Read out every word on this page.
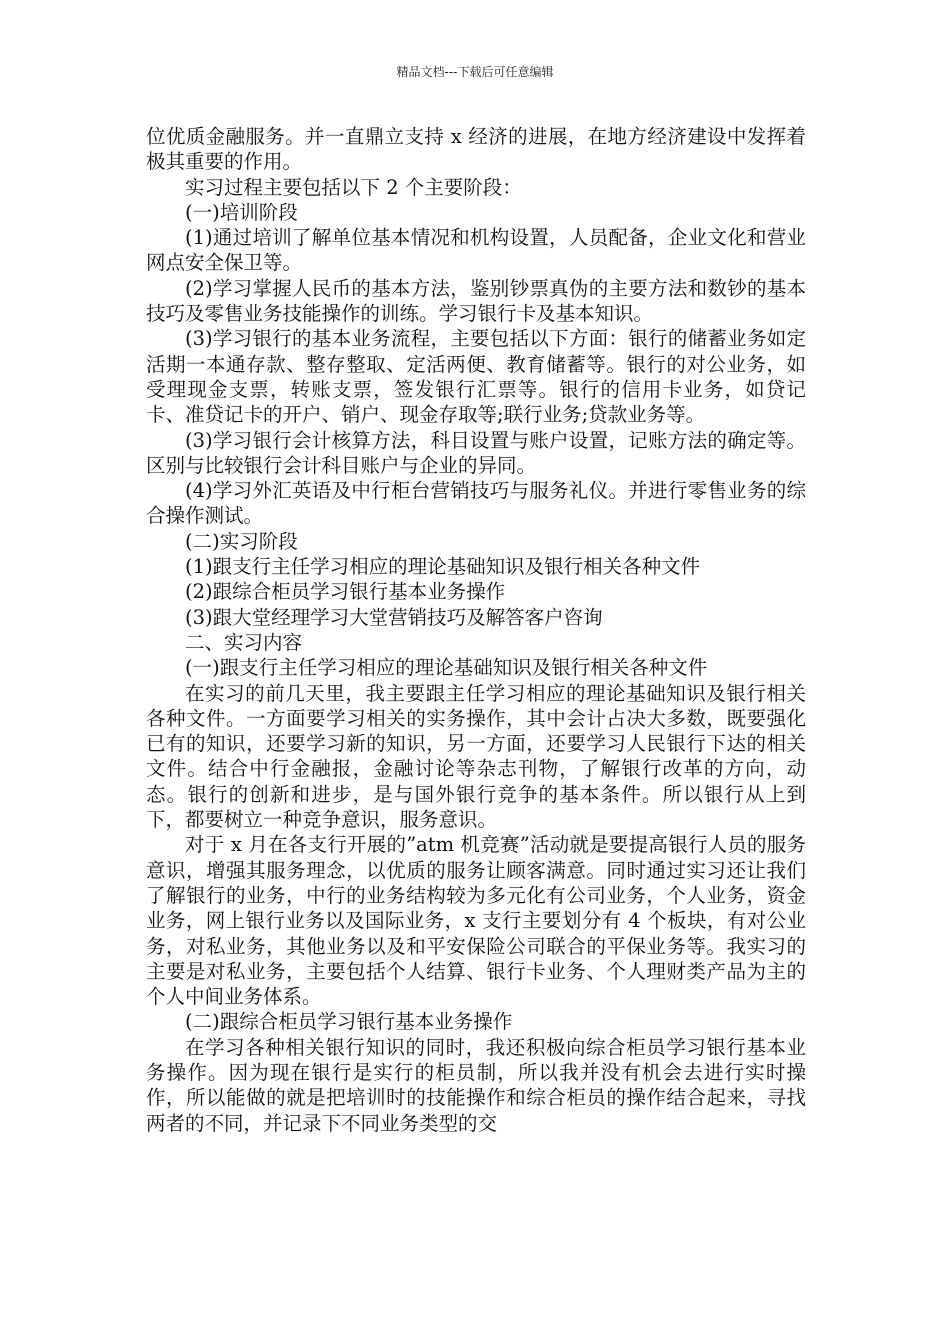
精品文档---下载后可任意编辑

位优质金融服务。并一直鼎立支持 x 经济的进展，在地方经济建设中发挥着极其重要的作用。

实习过程主要包括以下 2 个主要阶段：

(一)培训阶段

(1)通过培训了解单位基本情况和机构设置，人员配备，企业文化和营业网点安全保卫等。

(2)学习掌握人民币的基本方法，鉴别钞票真伪的主要方法和数钞的基本技巧及零售业务技能操作的训练。学习银行卡及基本知识。

(3)学习银行的基本业务流程，主要包括以下方面：银行的储蓄业务如定活期一本通存款、整存整取、定活两便、教育储蓄等。银行的对公业务，如受理现金支票，转账支票，签发银行汇票等。银行的信用卡业务，如贷记卡、准贷记卡的开户、销户、现金存取等;联行业务;贷款业务等。

(3)学习银行会计核算方法，科目设置与账户设置，记账方法的确定等。区别与比较银行会计科目账户与企业的异同。

(4)学习外汇英语及中行柜台营销技巧与服务礼仪。并进行零售业务的综合操作测试。

(二)实习阶段

(1)跟支行主任学习相应的理论基础知识及银行相关各种文件

(2)跟综合柜员学习银行基本业务操作

(3)跟大堂经理学习大堂营销技巧及解答客户咨询

二、实习内容

(一)跟支行主任学习相应的理论基础知识及银行相关各种文件

在实习的前几天里，我主要跟主任学习相应的理论基础知识及银行相关各种文件。一方面要学习相关的实务操作，其中会计占决大多数，既要强化已有的知识，还要学习新的知识，另一方面，还要学习人民银行下达的相关文件。结合中行金融报，金融讨论等杂志刊物，了解银行改革的方向，动态。银行的创新和进步，是与国外银行竞争的基本条件。所以银行从上到下，都要树立一种竞争意识，服务意识。

对于 x 月在各支行开展的”atm 机竞赛”活动就是要提高银行人员的服务意识，增强其服务理念，以优质的服务让顾客满意。同时通过实习还让我们了解银行的业务，中行的业务结构较为多元化有公司业务，个人业务，资金业务，网上银行业务以及国际业务，x 支行主要划分有 4 个板块，有对公业务，对私业务，其他业务以及和平安保险公司联合的平保业务等。我实习的主要是对私业务，主要包括个人结算、银行卡业务、个人理财类产品为主的个人中间业务体系。

(二)跟综合柜员学习银行基本业务操作

在学习各种相关银行知识的同时，我还积极向综合柜员学习银行基本业务操作。因为现在银行是实行的柜员制，所以我并没有机会去进行实时操作，所以能做的就是把培训时的技能操作和综合柜员的操作结合起来，寻找两者的不同，并记录下不同业务类型的交
